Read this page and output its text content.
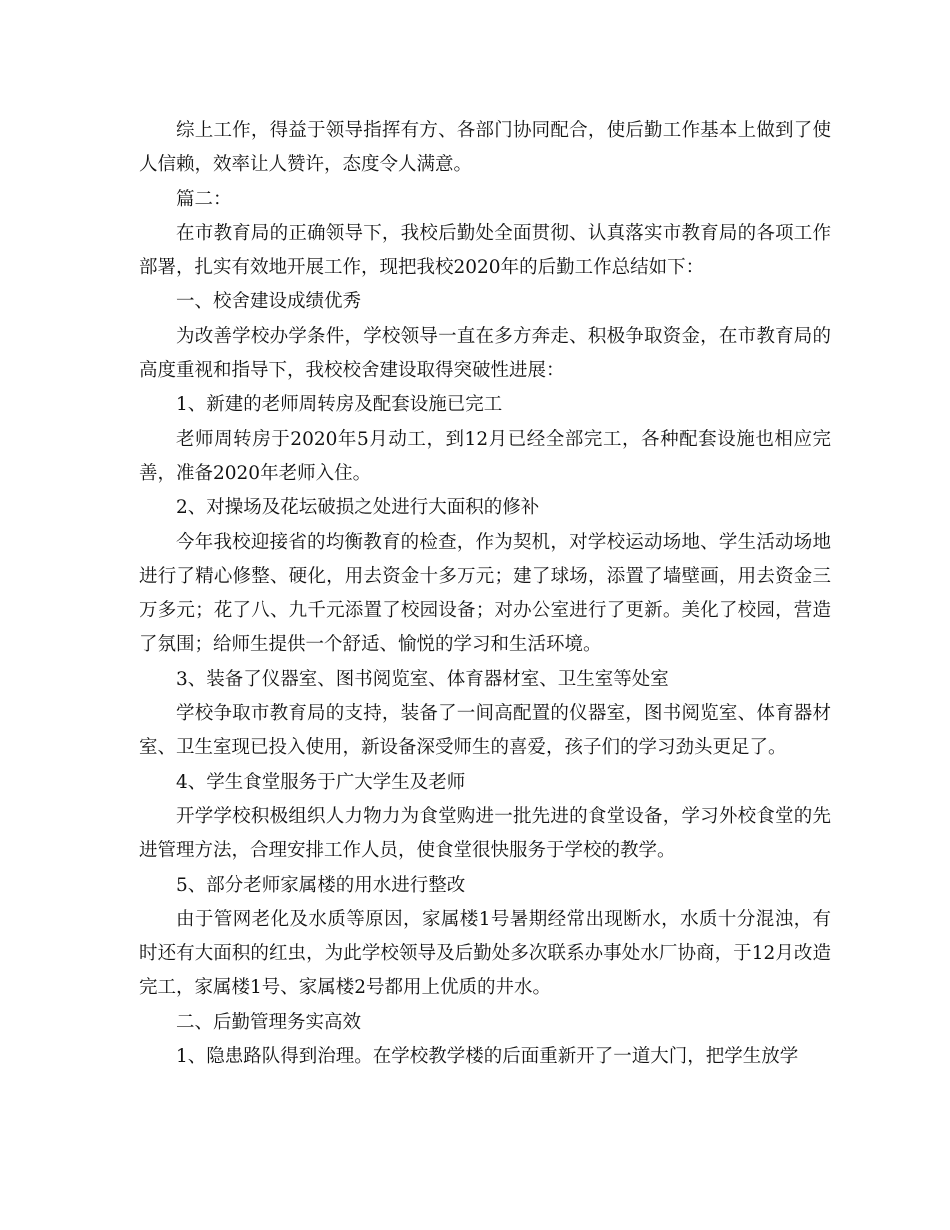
综上工作，得益于领导指挥有方、各部门协同配合，使后勤工作基本上做到了使人信赖，效率让人赞许，态度令人满意。

篇二：

在市教育局的正确领导下，我校后勤处全面贯彻、认真落实市教育局的各项工作部署，扎实有效地开展工作，现把我校2020年的后勤工作总结如下：

一、校舍建设成绩优秀

为改善学校办学条件，学校领导一直在多方奔走、积极争取资金，在市教育局的高度重视和指导下，我校校舍建设取得突破性进展：

1、新建的老师周转房及配套设施已完工

老师周转房于2020年5月动工，到12月已经全部完工，各种配套设施也相应完善，准备2020年老师入住。

2、对操场及花坛破损之处进行大面积的修补

今年我校迎接省的均衡教育的检查，作为契机，对学校运动场地、学生活动场地进行了精心修整、硬化，用去资金十多万元；建了球场，添置了墙壁画，用去资金三万多元；花了八、九千元添置了校园设备；对办公室进行了更新。美化了校园，营造了氛围；给师生提供一个舒适、愉悦的学习和生活环境。

3、装备了仪器室、图书阅览室、体育器材室、卫生室等处室

学校争取市教育局的支持，装备了一间高配置的仪器室，图书阅览室、体育器材室、卫生室现已投入使用，新设备深受师生的喜爱，孩子们的学习劲头更足了。

4、学生食堂服务于广大学生及老师

开学学校积极组织人力物力为食堂购进一批先进的食堂设备，学习外校食堂的先进管理方法，合理安排工作人员，使食堂很快服务于学校的教学。

5、部分老师家属楼的用水进行整改

由于管网老化及水质等原因，家属楼1号暑期经常出现断水，水质十分混浊，有时还有大面积的红虫，为此学校领导及后勤处多次联系办事处水厂协商，于12月改造完工，家属楼1号、家属楼2号都用上优质的井水。

二、后勤管理务实高效

1、隐患路队得到治理。在学校教学楼的后面重新开了一道大门，把学生放学
